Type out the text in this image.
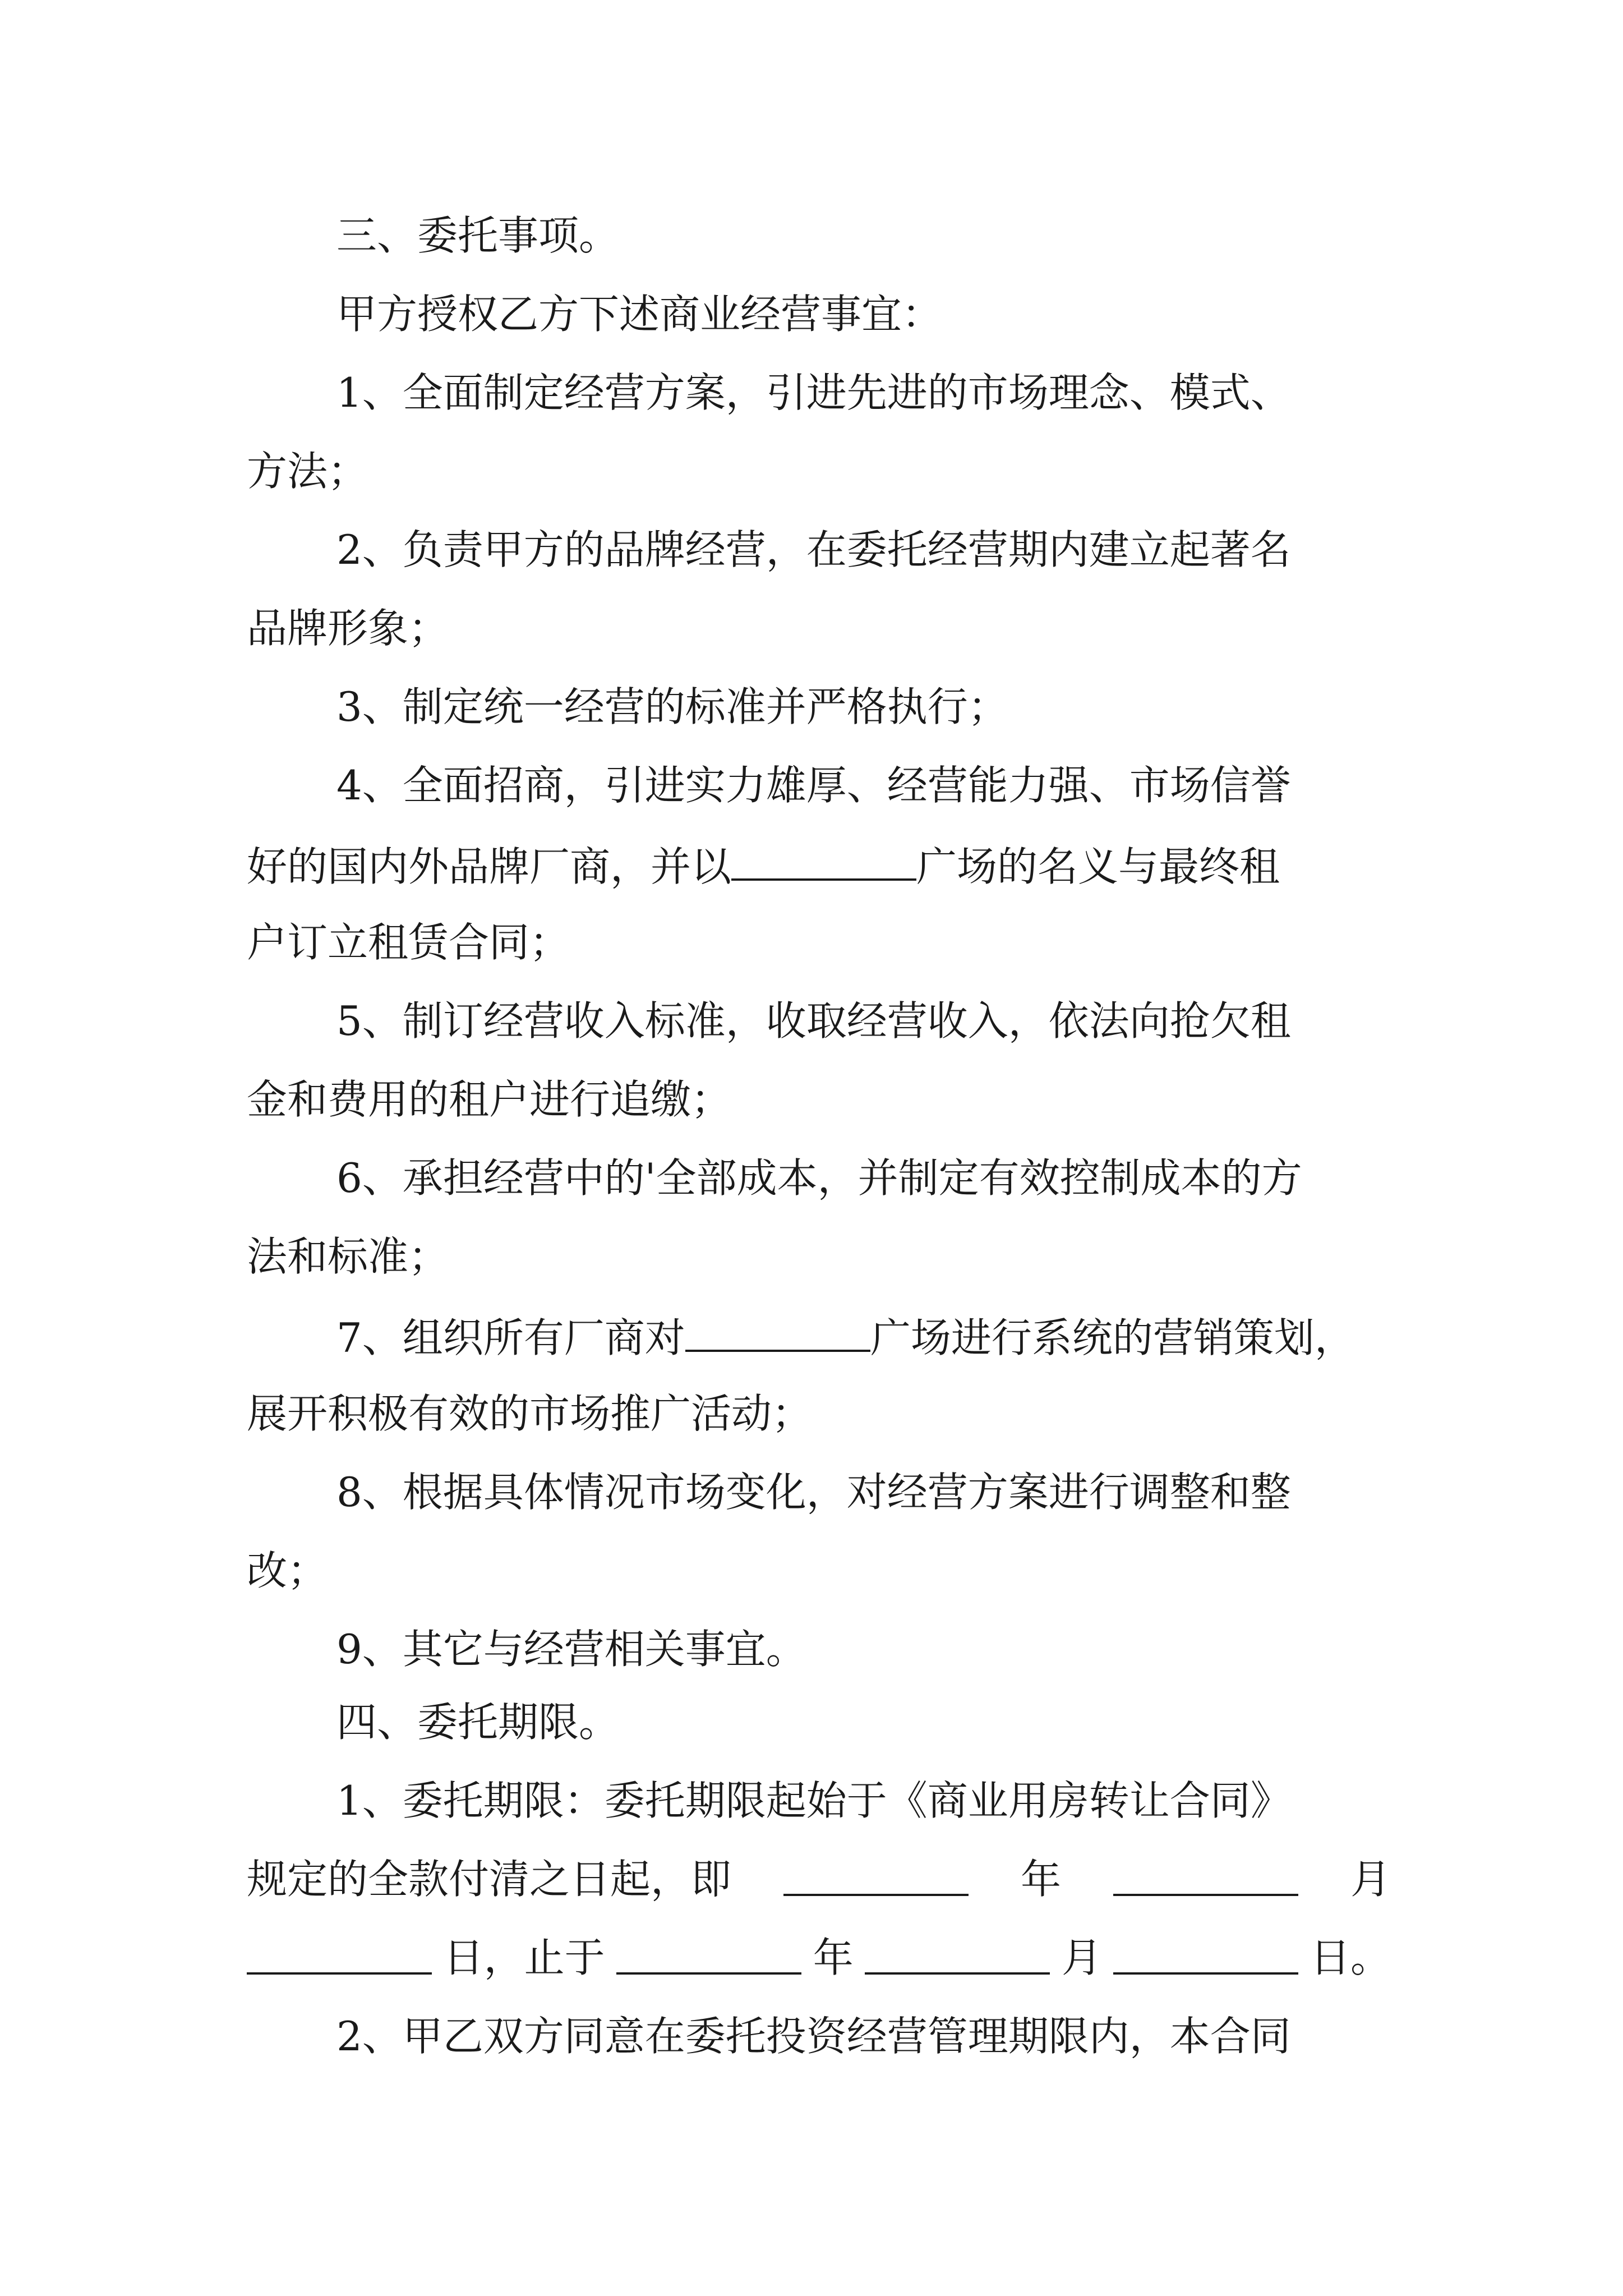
三、委托事项。
甲方授权乙方下述商业经营事宜：
1、全面制定经营方案，引进先进的市场理念、模式、
方法；
2、负责甲方的品牌经营，在委托经营期内建立起著名
品牌形象；
3、制定统一经营的标准并严格执行；
4、全面招商，引进实力雄厚、经营能力强、市场信誉
好的国内外品牌厂商，并以	广场的名义与最终租
户订立租赁合同；
5、制订经营收入标准，收取经营收入，依法向抢欠租
金和费用的租户进行追缴；
6、承担经营中的'全部成本，并制定有效控制成本的方
法和标准；
7、组织所有厂商对	广场进行系统的营销策划，
展开积极有效的市场推广活动；
8、根据具体情况市场变化，对经营方案进行调整和整
改；
9、其它与经营相关事宜。
四、委托期限。
1、委托期限：委托期限起始于《商业用房转让合同》
规定的全款付清之日起，即	年	月
日，止于	年	月	日。
2、甲乙双方同意在委托投资经营管理期限内，本合同
